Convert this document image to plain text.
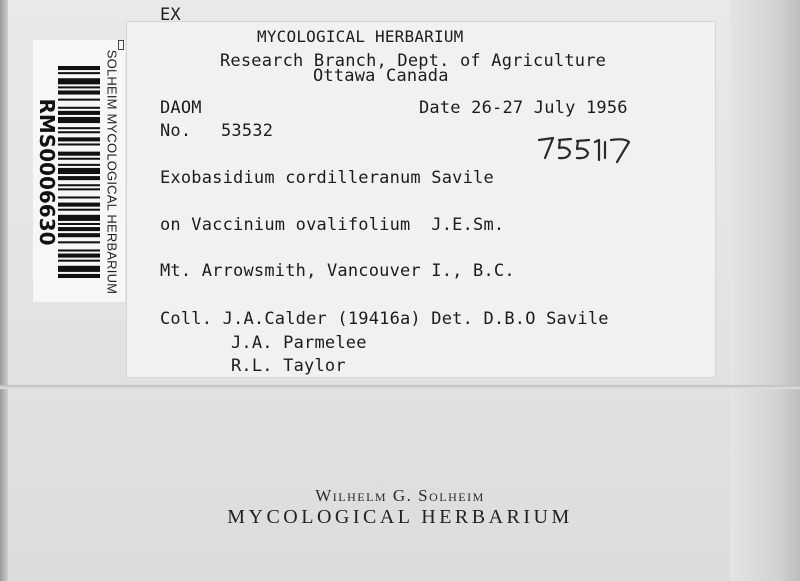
RMS0006630	SOLHEIM MYCOLOGICAL HERBARIUM
EX
MYCOLOGICAL HERBARIUM
Research Branch, Dept. of Agriculture
Ottawa Canada
DAOM	Date 26-27 July 1956
No. 53532
Exobasidium cordilleranum Savile
on Vaccinium ovalifolium  J.E.Sm.
Mt. Arrowsmith, Vancouver I., B.C.
Coll. J.A.Calder (19416a) Det. D.B.O Savile
J.A. Parmelee
R.L. Taylor
Wilhelm G. Solheim
MYCOLOGICAL HERBARIUM
